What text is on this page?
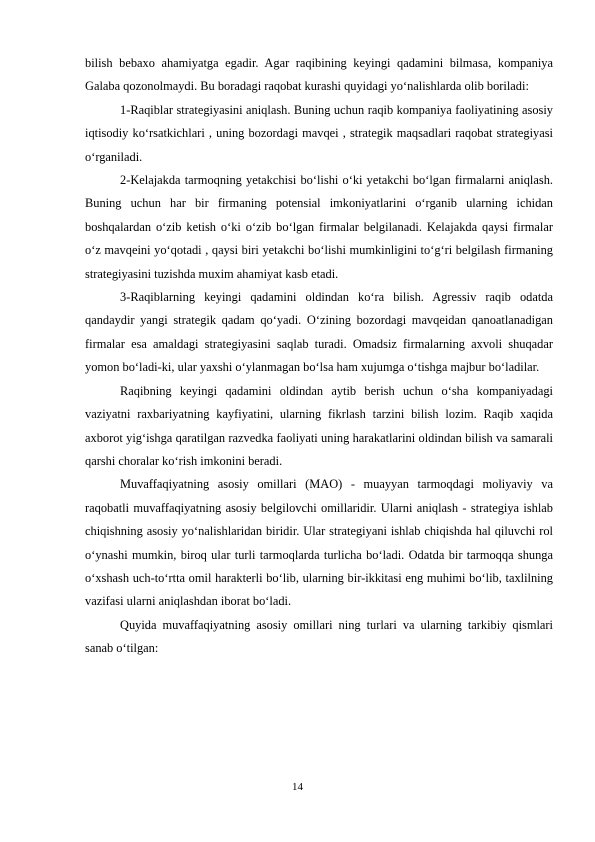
bilish bebaxo ahamiyatga egadir. Agar raqibining keyingi qadamini bilmasa, kompaniya Galaba qozonolmaydi. Bu boradagi raqobat kurashi quyidagi yo‘nalishlarda olib boriladi:

1-Raqiblar strategiyasini aniqlash. Buning uchun raqib kompaniya faoliyatining asosiy iqtisodiy ko‘rsatkichlari , uning bozordagi mavqei , strategik maqsadlari raqobat strategiyasi o‘rganiladi.

2-Kelajakda tarmoqning yetakchisi bo‘lishi o‘ki yetakchi bo‘lgan firmalarni aniqlash. Buning uchun har bir firmaning potensial imkoniyatlarini o‘rganib ularning ichidan boshqalardan o‘zib ketish o‘ki o‘zib bo‘lgan firmalar belgilanadi. Kelajakda qaysi firmalar o‘z mavqeini yo‘qotadi , qaysi biri yetakchi bo‘lishi mumkinligini to‘g‘ri belgilash firmaning strategiyasini tuzishda muxim ahamiyat kasb etadi.

3-Raqiblarning keyingi qadamini oldindan ko‘ra bilish. Agressiv raqib odatda qandaydir yangi strategik qadam qo‘yadi. O‘zining bozordagi mavqeidan qanoatlanadigan firmalar esa amaldagi strategiyasini saqlab turadi. Omadsiz firmalarning axvoli shuqadar yomon bo‘ladi-ki, ular yaxshi o‘ylanmagan bo‘lsa ham xujumga o‘tishga majbur bo‘ladilar.

Raqibning keyingi qadamini oldindan aytib berish uchun o‘sha kompaniyadagi vaziyatni raxbariyatning kayfiyatini, ularning fikrlash tarzini bilish lozim. Raqib xaqida axborot yig‘ishga qaratilgan razvedka faoliyati uning harakatlarini oldindan bilish va samarali qarshi choralar ko‘rish imkonini beradi.

Muvaffaqiyatning asosiy omillari (MAO) - muayyan tarmoqdagi moliyaviy va raqobatli muvaffaqiyatning asosiy belgilovchi omillaridir. Ularni aniqlash - strategiya ishlab chiqishning asosiy yo‘nalishlaridan biridir. Ular strategiyani ishlab chiqishda hal qiluvchi rol o‘ynashi mumkin, biroq ular turli tarmoqlarda turlicha bo‘ladi. Odatda bir tarmoqqa shunga o‘xshash uch-to‘rtta omil harakterli bo‘lib, ularning bir-ikkitasi eng muhimi bo‘lib, taxlilning vazifasi ularni aniqlashdan iborat bo‘ladi.

Quyida muvaffaqiyatning asosiy omillari ning turlari va ularning tarkibiy qismlari sanab o‘tilgan:

14
